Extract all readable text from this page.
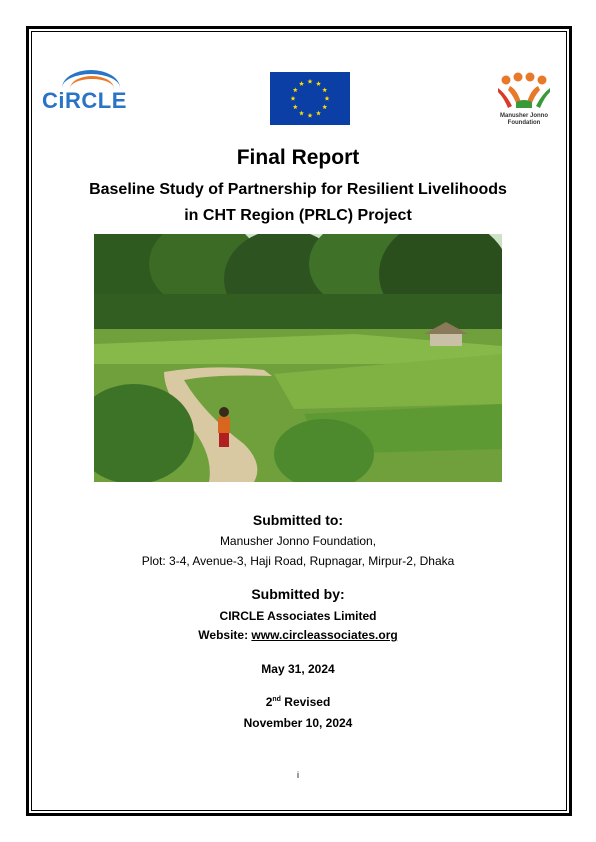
CiRCLE
Manusher Jonno
Foundation
Final Report
Baseline Study of Partnership for Resilient Livelihoods
in CHT Region (PRLC) Project
Submitted to:
Manusher Jonno Foundation,
Plot: 3-4, Avenue-3, Haji Road, Rupnagar, Mirpur-2, Dhaka
Submitted by:
CIRCLE Associates Limited
Website: www.circleassociates.org
May 31, 2024
2nd Revised
November 10, 2024
i
